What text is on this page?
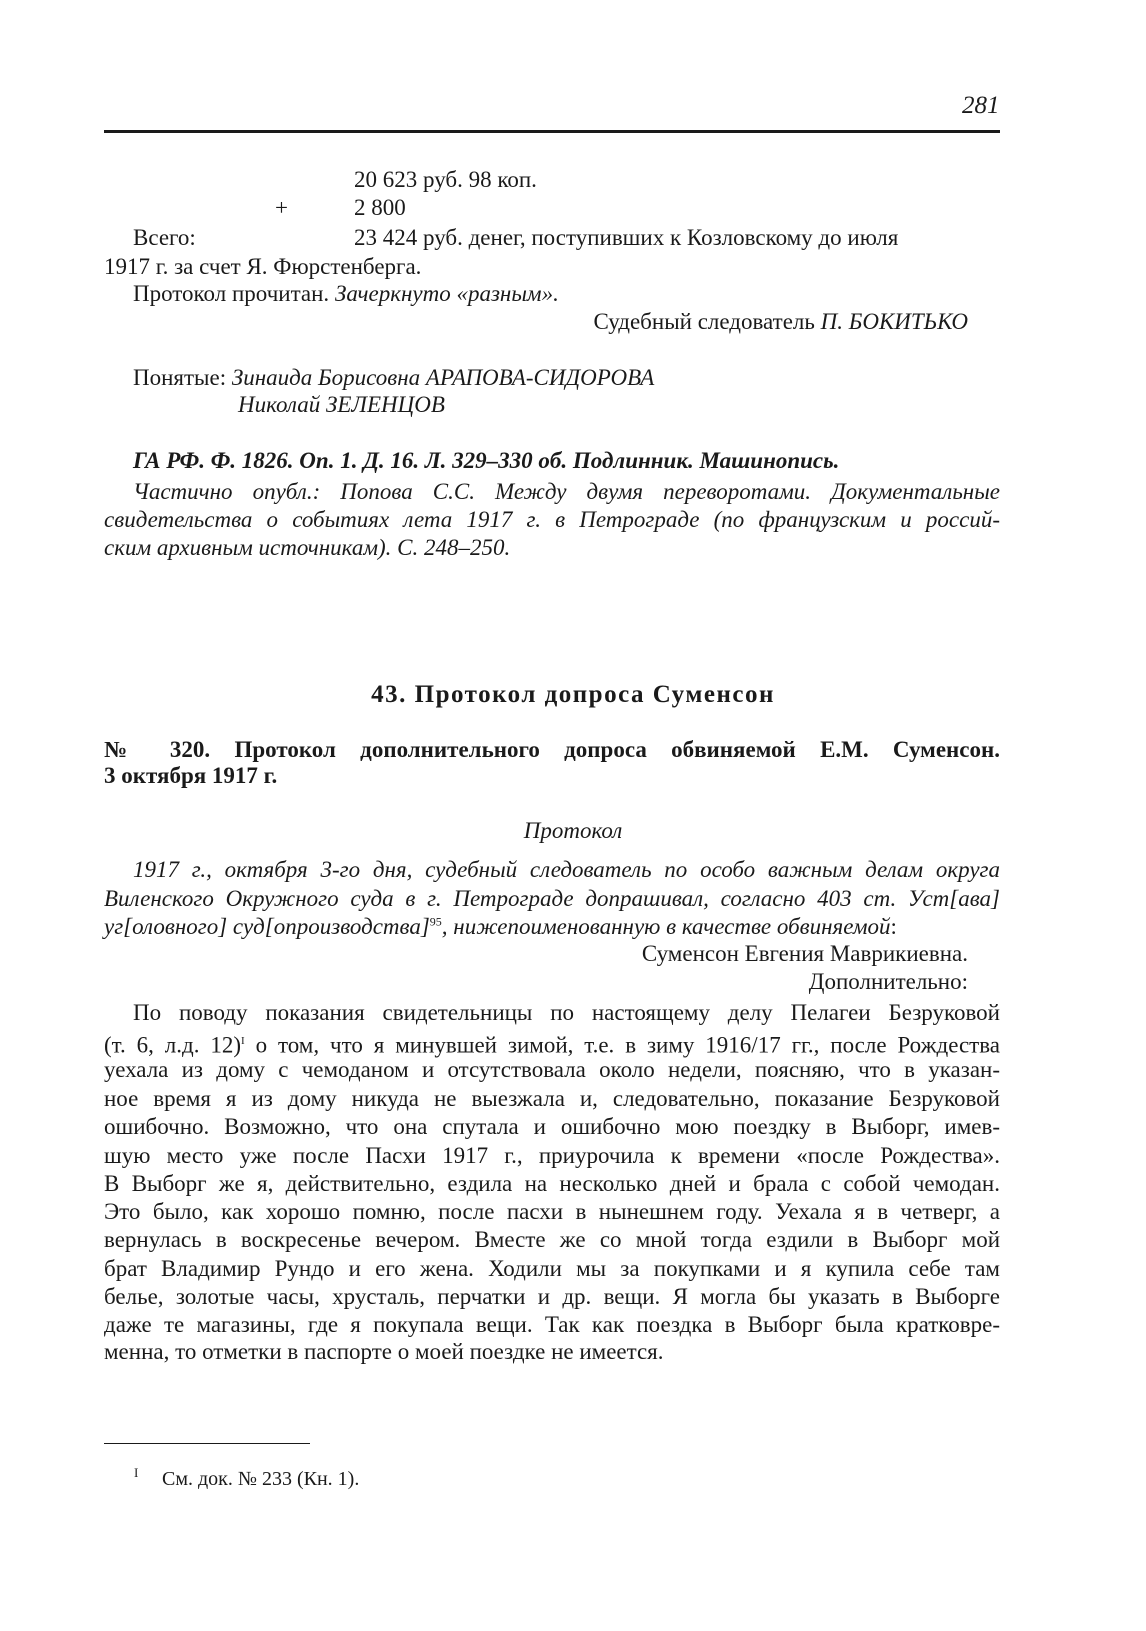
281
20 623 руб. 98 коп.
+	2 800
Всего:	23 424 руб. денег, поступивших к Козловскому до июля
1917 г. за счет Я. Фюрстенберга.
Протокол прочитан. Зачеркнуто «разным».
Судебный следователь П. БОКИТЬКО
Понятые: Зинаида Борисовна АРАПОВА-СИДОРОВА
Николай ЗЕЛЕНЦОВ
ГА РФ. Ф. 1826. Оп. 1. Д. 16. Л. 329–330 об. Подлинник. Машинопись.
Частично опубл.: Попова С.С. Между двумя переворотами. Документальные
свидетельства о событиях лета 1917 г. в Петрограде (по французским и россий-
ским архивным источникам). С. 248–250.
43. Протокол допроса Суменсон
№ 320. Протокол дополнительного допроса обвиняемой Е.М. Суменсон.
3 октября 1917 г.
Протокол
1917 г., октября 3-го дня, судебный следователь по особо важным делам округа
Виленского Окружного суда в г. Петрограде допрашивал, согласно 403 ст. Уст[ава]
уг[оловного] суд[опроизводства]$^{95}$, нижепоименованную в качестве обвиняемой:
Суменсон Евгения Маврикиевна.
Дополнительно:
По поводу показания свидетельницы по настоящему делу Пелагеи Безруковой
(т. 6, л.д. 12)$^I$ о том, что я минувшей зимой, т.е. в зиму 1916/17 гг., после Рождества
уехала из дому с чемоданом и отсутствовала около недели, поясняю, что в указан-
ное время я из дому никуда не выезжала и, следовательно, показание Безруковой
ошибочно. Возможно, что она спутала и ошибочно мою поездку в Выборг, имев-
шую место уже после Пасхи 1917 г., приурочила к времени «после Рождества».
В Выборг же я, действительно, ездила на несколько дней и брала с собой чемодан.
Это было, как хорошо помню, после пасхи в нынешнем году. Уехала я в четверг, а
вернулась в воскресенье вечером. Вместе же со мной тогда ездили в Выборг мой
брат Владимир Рундо и его жена. Ходили мы за покупками и я купила себе там
белье, золотые часы, хрусталь, перчатки и др. вещи. Я могла бы указать в Выборге
даже те магазины, где я покупала вещи. Так как поездка в Выборг была кратковре-
менна, то отметки в паспорте о моей поездке не имеется.
I См. док. № 233 (Кн. 1).
